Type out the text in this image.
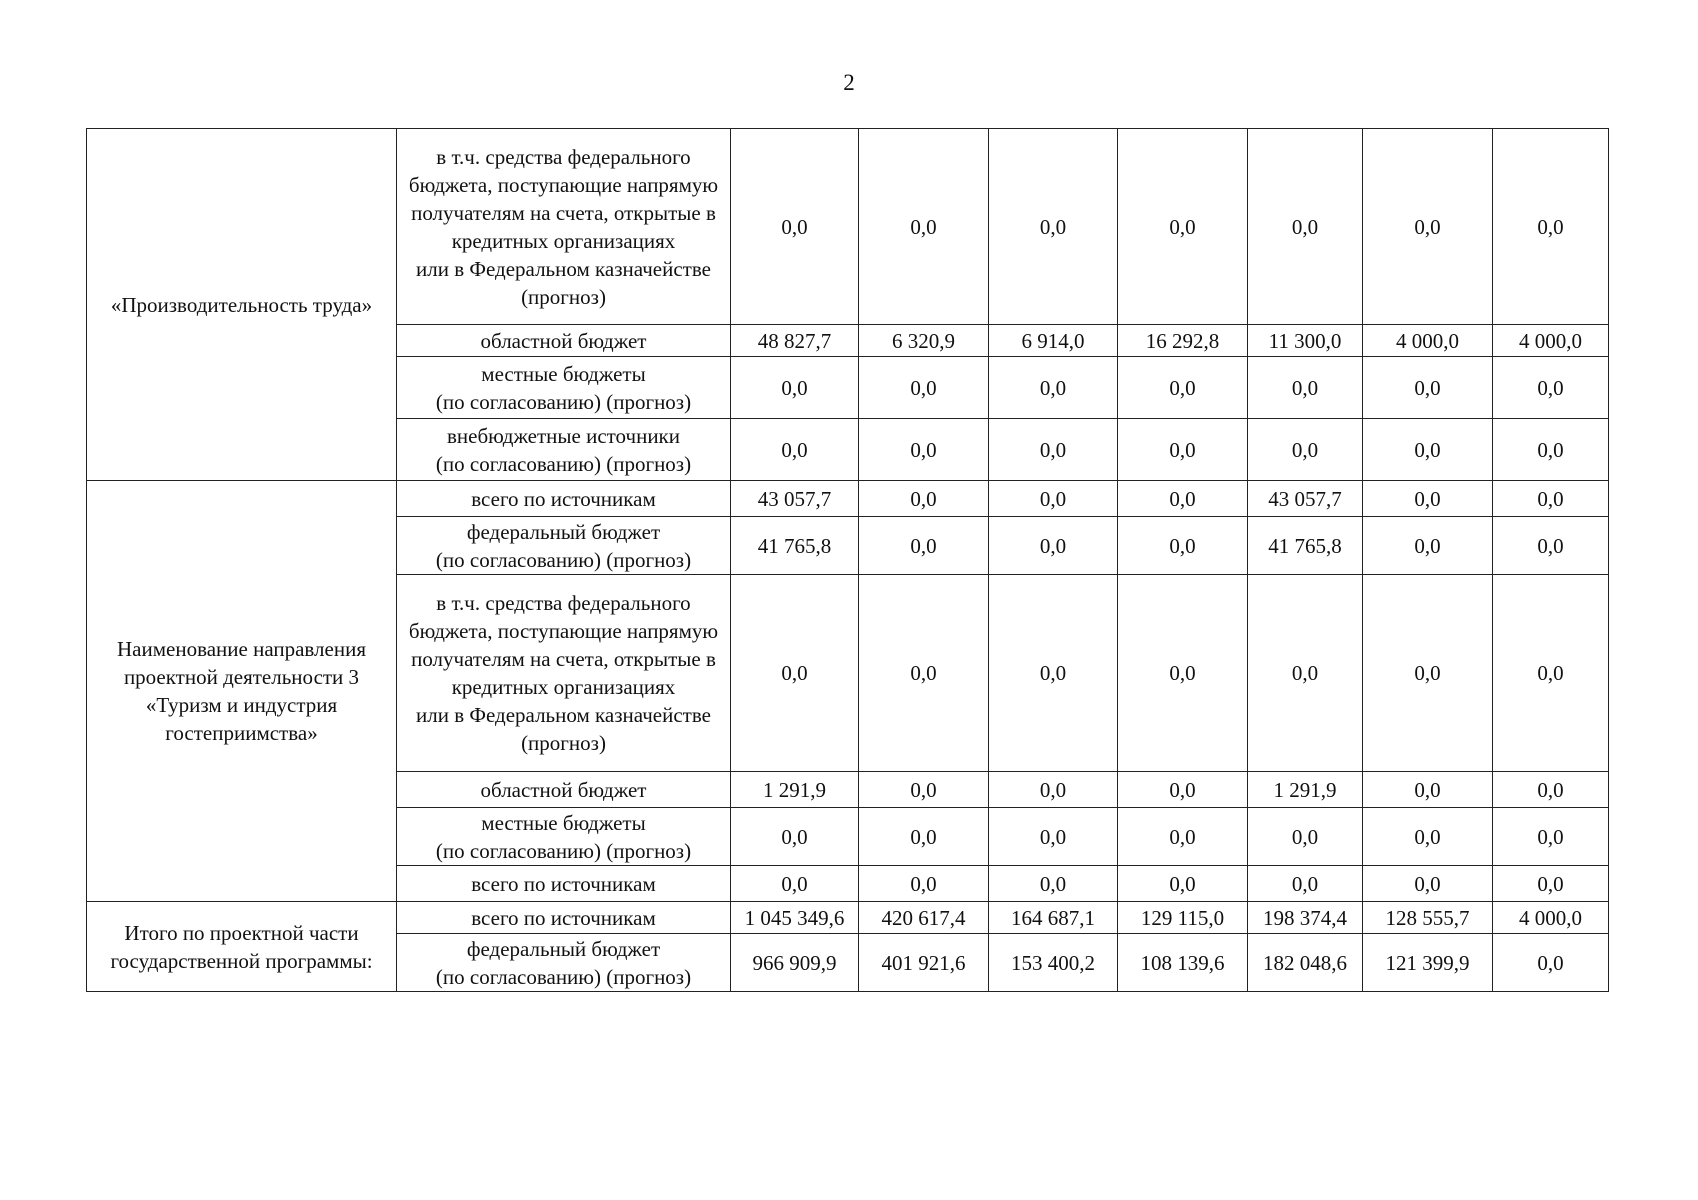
2
«Производительность труда»	в т.ч. средства федерального бюджета, поступающие напрямую получателям на счета, открытые в кредитных организациях
или в Федеральном казначействе (прогноз)	0,0	0,0	0,0	0,0	0,0	0,0	0,0
	областной бюджет	48 827,7	6 320,9	6 914,0	16 292,8	11 300,0	4 000,0	4 000,0
	местные бюджеты
(по согласованию) (прогноз)	0,0	0,0	0,0	0,0	0,0	0,0	0,0
	внебюджетные источники
(по согласованию) (прогноз)	0,0	0,0	0,0	0,0	0,0	0,0	0,0
Наименование направления проектной деятельности 3 «Туризм и индустрия гостеприимства»	всего по источникам	43 057,7	0,0	0,0	0,0	43 057,7	0,0	0,0
	федеральный бюджет
(по согласованию) (прогноз)	41 765,8	0,0	0,0	0,0	41 765,8	0,0	0,0
	в т.ч. средства федерального бюджета, поступающие напрямую получателям на счета, открытые в кредитных организациях
или в Федеральном казначействе (прогноз)	0,0	0,0	0,0	0,0	0,0	0,0	0,0
	областной бюджет	1 291,9	0,0	0,0	0,0	1 291,9	0,0	0,0
	местные бюджеты
(по согласованию) (прогноз)	0,0	0,0	0,0	0,0	0,0	0,0	0,0
	всего по источникам	0,0	0,0	0,0	0,0	0,0	0,0	0,0
Итого по проектной части государственной программы:	всего по источникам	1 045 349,6	420 617,4	164 687,1	129 115,0	198 374,4	128 555,7	4 000,0
	федеральный бюджет
(по согласованию) (прогноз)	966 909,9	401 921,6	153 400,2	108 139,6	182 048,6	121 399,9	0,0
